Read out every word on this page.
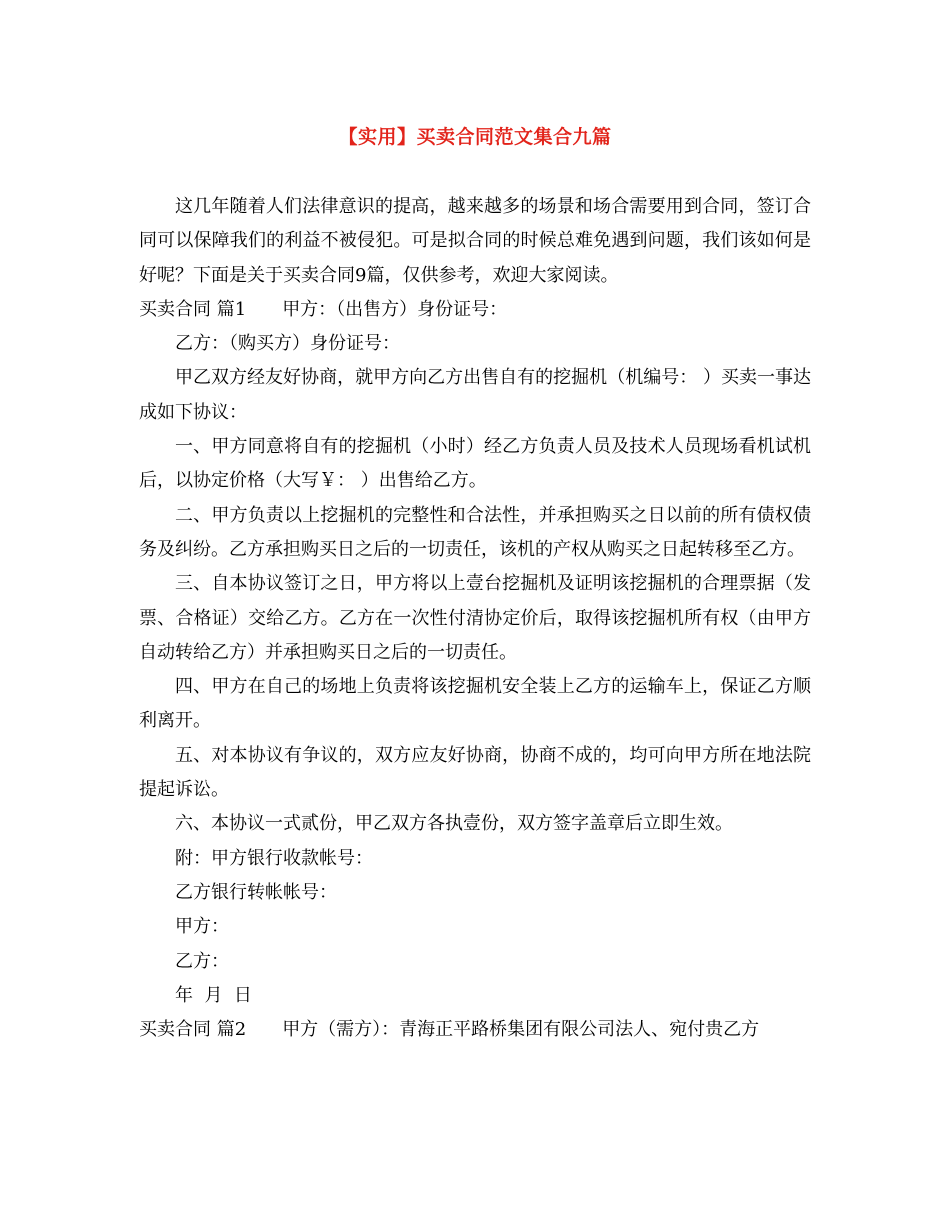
【实用】买卖合同范文集合九篇

这几年随着人们法律意识的提高，越来越多的场景和场合需要用到合同，签订合同可以保障我们的利益不被侵犯。可是拟合同的时候总难免遇到问题，我们该如何是好呢？下面是关于买卖合同9篇，仅供参考，欢迎大家阅读。

买卖合同 篇1 甲方：（出售方）身份证号：

乙方：（购买方）身份证号：

甲乙双方经友好协商，就甲方向乙方出售自有的挖掘机（机编号： ）买卖一事达成如下协议：

一、甲方同意将自有的挖掘机（小时）经乙方负责人员及技术人员现场看机试机后，以协定价格（大写￥： ）出售给乙方。

二、甲方负责以上挖掘机的完整性和合法性，并承担购买之日以前的所有债权债务及纠纷。乙方承担购买日之后的一切责任，该机的产权从购买之日起转移至乙方。

三、自本协议签订之日，甲方将以上壹台挖掘机及证明该挖掘机的合理票据（发票、合格证）交给乙方。乙方在一次性付清协定价后，取得该挖掘机所有权（由甲方自动转给乙方）并承担购买日之后的一切责任。

四、甲方在自己的场地上负责将该挖掘机安全装上乙方的运输车上，保证乙方顺利离开。

五、对本协议有争议的，双方应友好协商，协商不成的，均可向甲方所在地法院提起诉讼。

六、本协议一式贰份，甲乙双方各执壹份，双方签字盖章后立即生效。

附：甲方银行收款帐号：

乙方银行转帐帐号：

甲方：

乙方：

年  月  日

买卖合同 篇2 甲方（需方）：青海正平路桥集团有限公司法人、宛付贵乙方
